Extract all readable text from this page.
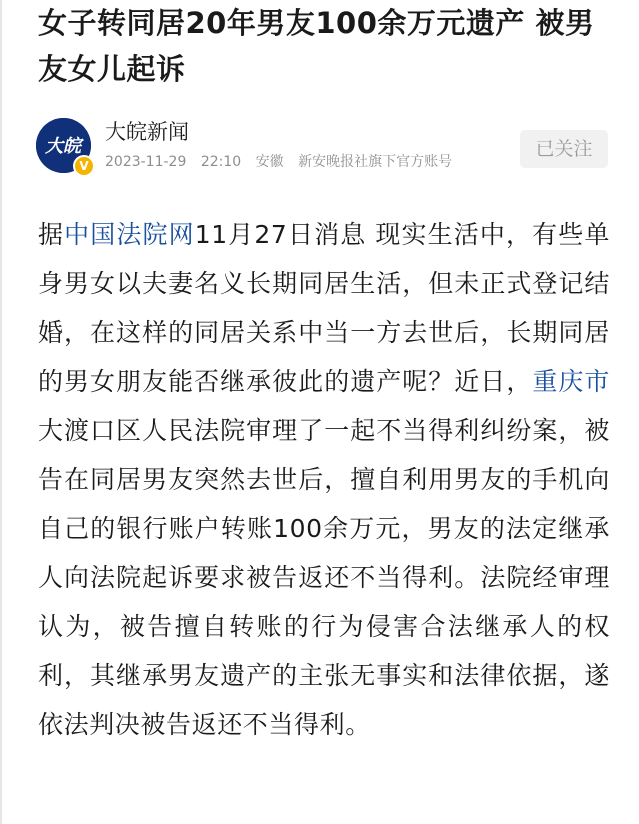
女子转同居20年男友100余万元遗产 被男友女儿起诉
大皖
V
大皖新闻
2023-11-29 22:10 安徽 新安晚报社旗下官方账号
已关注

据中国法院网11月27日消息 现实生活中，有些单身男女以夫妻名义长期同居生活，但未正式登记结婚，在这样的同居关系中当一方去世后，长期同居的男女朋友能否继承彼此的遗产呢？近日，重庆市大渡口区人民法院审理了一起不当得利纠纷案，被告在同居男友突然去世后，擅自利用男友的手机向自己的银行账户转账100余万元，男友的法定继承人向法院起诉要求被告返还不当得利。法院经审理认为，被告擅自转账的行为侵害合法继承人的权利，其继承男友遗产的主张无事实和法律依据，遂依法判决被告返还不当得利。
